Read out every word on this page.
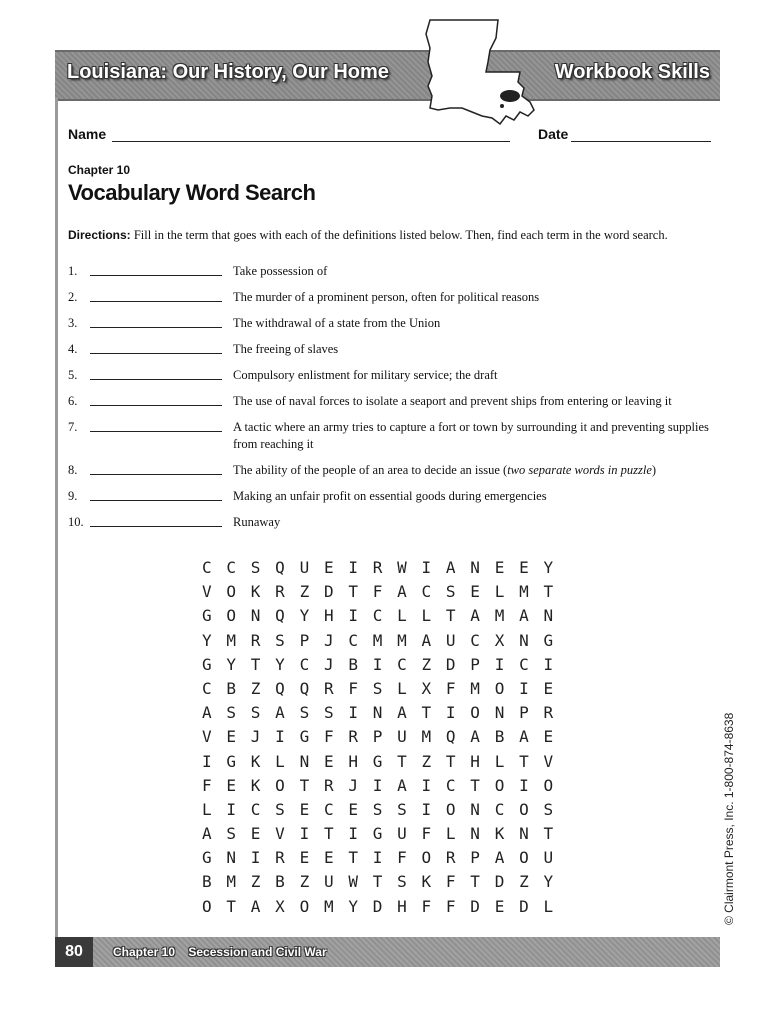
Louisiana: Our History, Our Home	Workbook Skills
Name	Date
Chapter 10
Vocabulary Word Search
Directions: Fill in the term that goes with each of the definitions listed below. Then, find each term in the word search.
1.	Take possession of
2.	The murder of a prominent person, often for political reasons
3.	The withdrawal of a state from the Union
4.	The freeing of slaves
5.	Compulsory enlistment for military service; the draft
6.	The use of naval forces to isolate a seaport and prevent ships from entering or leaving it
7.	A tactic where an army tries to capture a fort or town by surrounding it and preventing supplies from reaching it
8.	The ability of the people of an area to decide an issue (two separate words in puzzle)
9.	Making an unfair profit on essential goods during emergencies
10.	Runaway
C C S Q U E I R W I A N E E Y
V O K R Z D T F A C S E L M T
G O N Q Y H I C L L T A M A N
Y M R S P J C M M A U C X N G
G Y T Y C J B I C Z D P I C I
C B Z Q Q R F S L X F M O I E
A S S A S S I N A T I O N P R
V E J I G F R P U M Q A B A E
I G K L N E H G T Z T H L T V
F E K O T R J I A I C T O I O
L I C S E C E S S I O N C O S
A S E V I T I G U F L N K N T
G N I R E E T I F O R P A O U
B M Z B Z U W T S K F T D Z Y
O T A X O M Y D H F F D E D L	© Clairmont Press, Inc. 1-800-874-8638
80	Chapter 10 Secession and Civil War
